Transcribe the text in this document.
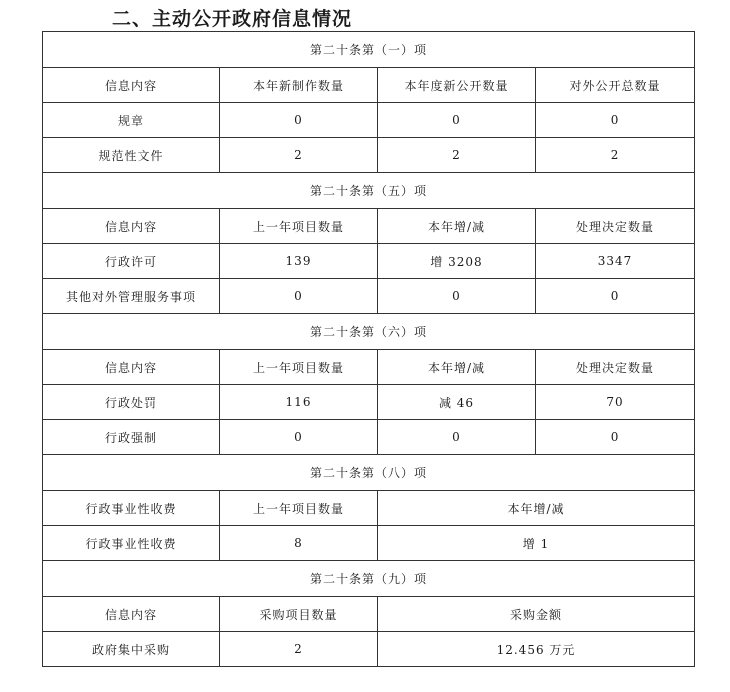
二、主动公开政府信息情况
第二十条第（一）项			
信息内容	本年新制作数量	本年度新公开数量	对外公开总数量
规章	0	0	0
规范性文件	2	2	2
第二十条第（五）项			
信息内容	上一年项目数量	本年增/减	处理决定数量
行政许可	139	增 3208	3347
其他对外管理服务事项	0	0	0
第二十条第（六）项			
信息内容	上一年项目数量	本年增/减	处理决定数量
行政处罚	116	减 46	70
行政强制	0	0	0
第二十条第（八）项			
行政事业性收费	上一年项目数量	本年增/减	
行政事业性收费	8	增 1	
第二十条第（九）项			
信息内容	采购项目数量	采购金额	
政府集中采购	2	12.456 万元	
